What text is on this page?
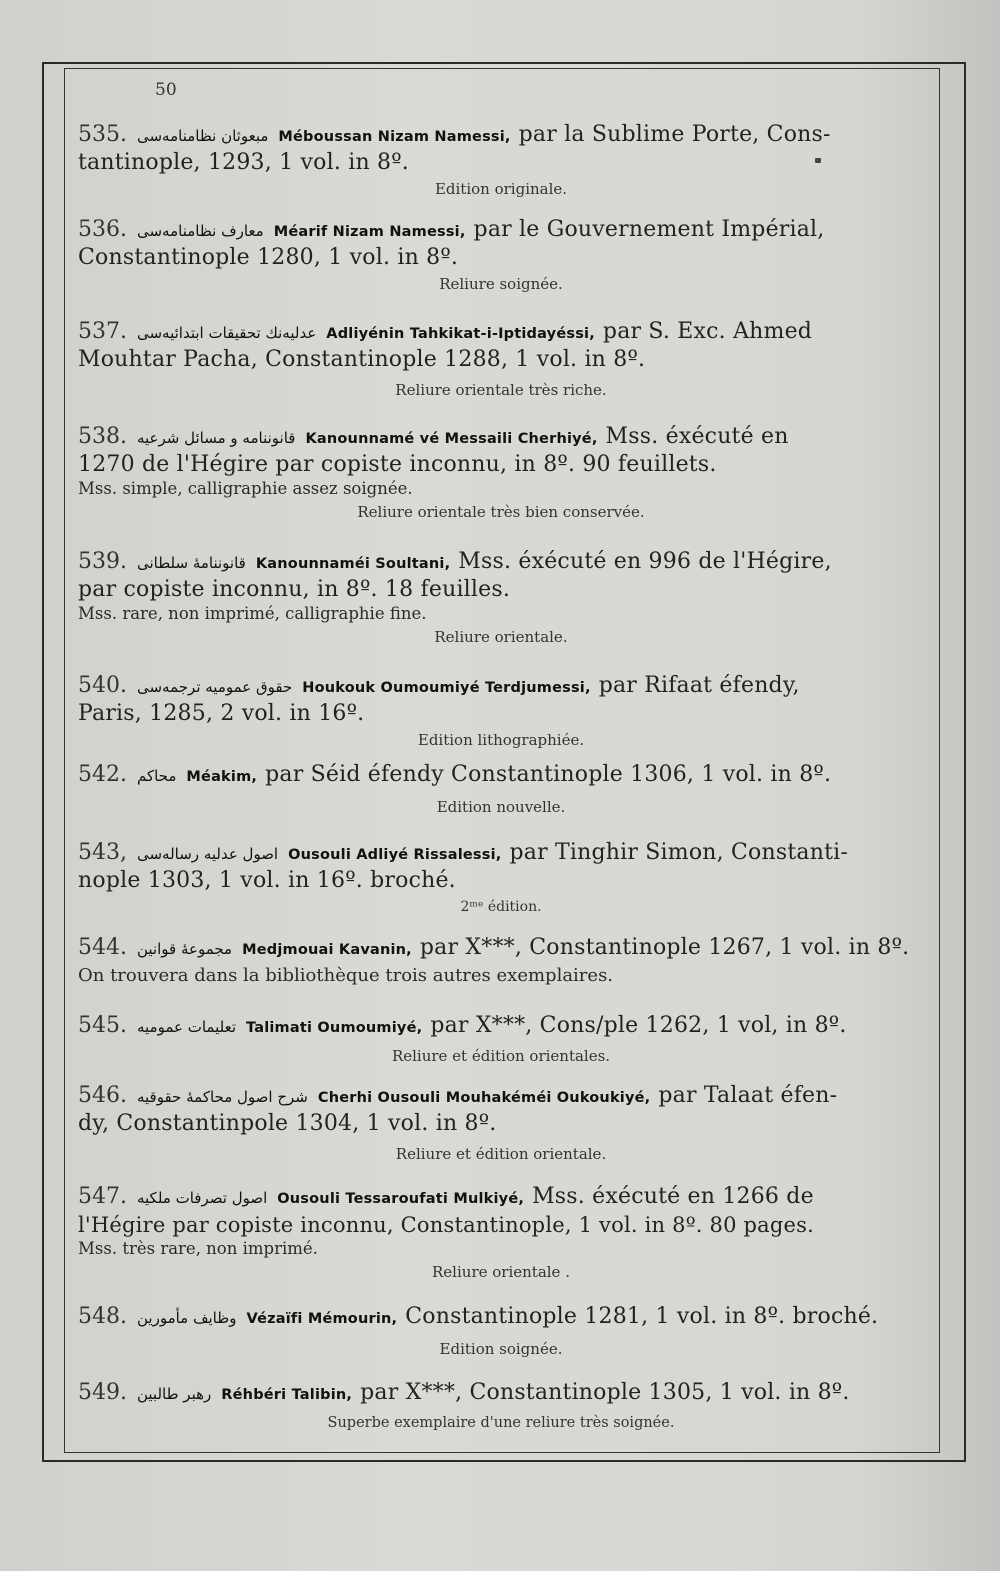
50
535. مبعوثان نظامنامه‌سی Méboussan Nizam Namessi, par la Sublime Porte, Cons-
tantinople, 1293, 1 vol. in 8º.
Edition originale.
536. معارف نظامنامه‌سی Méarif Nizam Namessi, par le Gouvernement Impérial,
Constantinople 1280, 1 vol. in 8º.
Reliure soignée.
537. عدلیه‌نك تحقیقات ابتدائیه‌سی Adliyénin Tahkikat-i-Iptidayéssi, par S. Exc. Ahmed
Mouhtar Pacha, Constantinople 1288, 1 vol. in 8º.
Reliure orientale très riche.
538. قانوننامه و مسائل شرعیه Kanounnamé vé Messaili Cherhiyé, Mss. éxécuté en
1270 de l'Hégire par copiste inconnu, in 8º. 90 feuillets.
Mss. simple, calligraphie assez soignée.
Reliure orientale très bien conservée.
539. قانوننامهٔ سلطانی Kanounnaméi Soultani, Mss. éxécuté en 996 de l'Hégire,
par copiste inconnu, in 8º. 18 feuilles.
Mss. rare, non imprimé, calligraphie fine.
Reliure orientale.
540. حقوق عمومیه ترجمه‌سی Houkouk Oumoumiyé Terdjumessi, par Rifaat éfendy,
Paris, 1285, 2 vol. in 16º.
Edition lithographiée.
542. محاكم Méakim, par Séid éfendy Constantinople 1306, 1 vol. in 8º.
Edition nouvelle.
543, اصول عدلیه رساله‌سی Ousouli Adliyé Rissalessi, par Tinghir Simon, Constanti-
nople 1303, 1 vol. in 16º. broché.
2ᵐᵉ édition.
544. مجموعهٔ قوانین Medjmouai Kavanin, par X***, Constantinople 1267, 1 vol. in 8º.
On trouvera dans la bibliothèque trois autres exemplaires.
545. تعلیمات عمومیه Talimati Oumoumiyé, par X***, Cons/ple 1262, 1 vol, in 8º.
Reliure et édition orientales.
546. شرح اصول محاكمهٔ حقوقیه Cherhi Ousouli Mouhakéméi Oukoukiyé, par Talaat éfen-
dy, Constantinpole 1304, 1 vol. in 8º.
Reliure et édition orientale.
547. اصول تصرفات ملكیه Ousouli Tessaroufati Mulkiyé, Mss. éxécuté en 1266 de
l'Hégire par copiste inconnu, Constantinople, 1 vol. in 8º. 80 pages.
Mss. très rare, non imprimé.
Reliure orientale .
548. وظایف مأمورین Vézaïfi Mémourin, Constantinople 1281, 1 vol. in 8º. broché.
Edition soignée.
549. رهبر طالبین Réhbéri Talibin, par X***, Constantinople 1305, 1 vol. in 8º.
Superbe exemplaire d'une reliure très soignée.
